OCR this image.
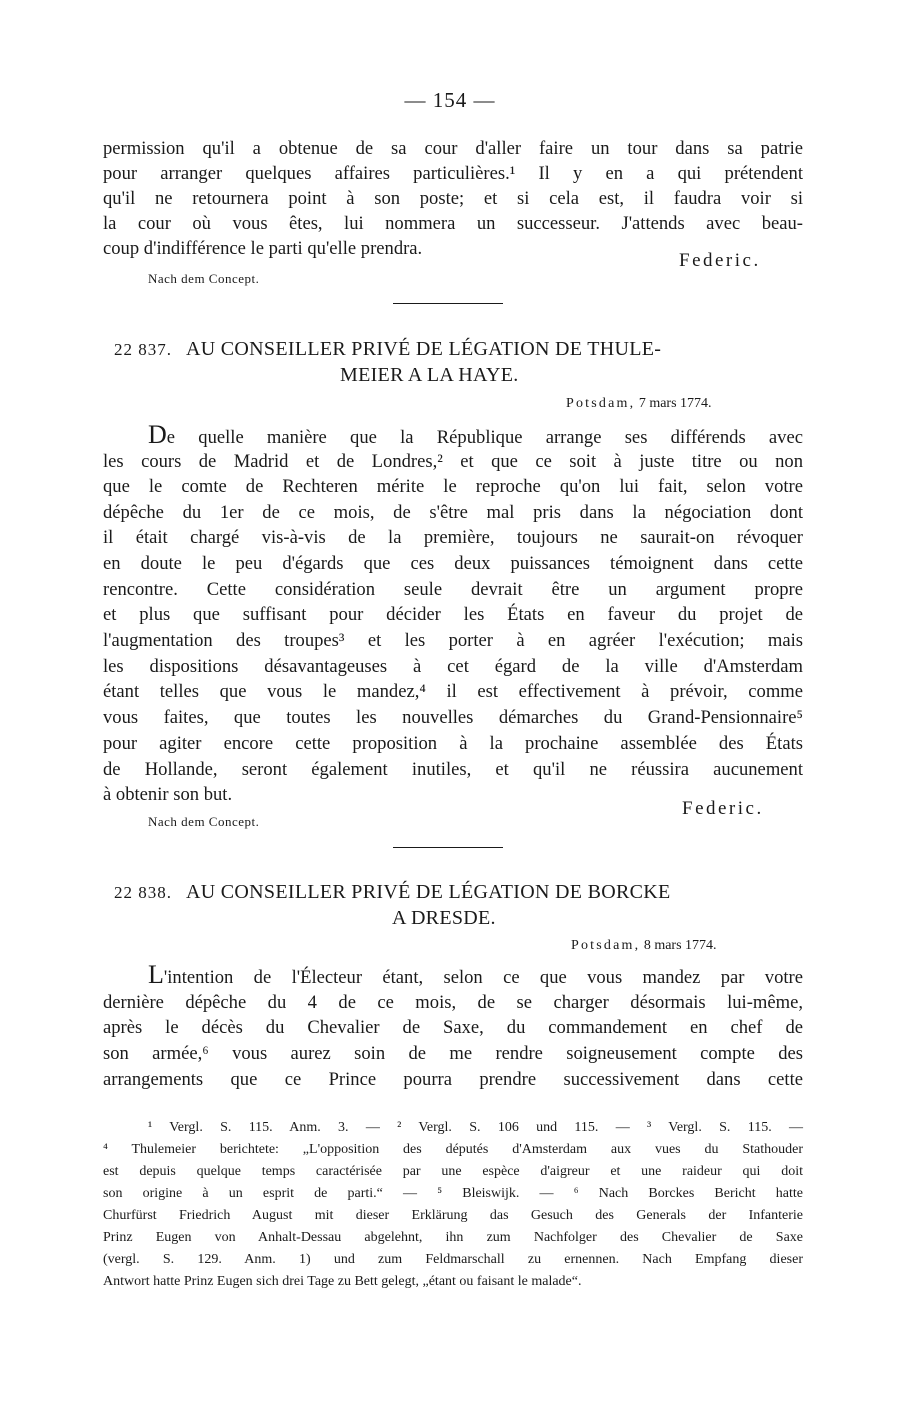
— 154 —
permission qu'il a obtenue de sa cour d'aller faire un tour dans sa patrie
pour arranger quelques affaires particulières.¹ Il y en a qui prétendent
qu'il ne retournera point à son poste; et si cela est, il faudra voir si
la cour où vous êtes, lui nommera un successeur. J'attends avec beau-
coup d'indifférence le parti qu'elle prendra.
Federic.
Nach dem Concept.
22 837. AU CONSEILLER PRIVÉ DE LÉGATION DE THULE-
MEIER A LA HAYE.
Potsdam, 7 mars 1774.
De quelle manière que la République arrange ses différends avec
les cours de Madrid et de Londres,² et que ce soit à juste titre ou non
que le comte de Rechteren mérite le reproche qu'on lui fait, selon votre
dépêche du 1er de ce mois, de s'être mal pris dans la négociation dont
il était chargé vis-à-vis de la première, toujours ne saurait-on révoquer
en doute le peu d'égards que ces deux puissances témoignent dans cette
rencontre. Cette considération seule devrait être un argument propre
et plus que suffisant pour décider les États en faveur du projet de
l'augmentation des troupes³ et les porter à en agréer l'exécution; mais
les dispositions désavantageuses à cet égard de la ville d'Amsterdam
étant telles que vous le mandez,⁴ il est effectivement à prévoir, comme
vous faites, que toutes les nouvelles démarches du Grand-Pensionnaire⁵
pour agiter encore cette proposition à la prochaine assemblée des États
de Hollande, seront également inutiles, et qu'il ne réussira aucunement
à obtenir son but.
Federic.
Nach dem Concept.
22 838. AU CONSEILLER PRIVÉ DE LÉGATION DE BORCKE
A DRESDE.
Potsdam, 8 mars 1774.
L'intention de l'Électeur étant, selon ce que vous mandez par votre
dernière dépêche du 4 de ce mois, de se charger désormais lui-même,
après le décès du Chevalier de Saxe, du commandement en chef de
son armée,⁶ vous aurez soin de me rendre soigneusement compte des
arrangements que ce Prince pourra prendre successivement dans cette
¹ Vergl. S. 115. Anm. 3. — ² Vergl. S. 106 und 115. — ³ Vergl. S. 115. —
⁴ Thulemeier berichtete: „L'opposition des députés d'Amsterdam aux vues du Stathouder
est depuis quelque temps caractérisée par une espèce d'aigreur et une raideur qui doit
son origine à un esprit de parti.“ — ⁵ Bleiswijk. — ⁶ Nach Borckes Bericht hatte
Churfürst Friedrich August mit dieser Erklärung das Gesuch des Generals der Infanterie
Prinz Eugen von Anhalt-Dessau abgelehnt, ihn zum Nachfolger des Chevalier de Saxe
(vergl. S. 129. Anm. 1) und zum Feldmarschall zu ernennen. Nach Empfang dieser
Antwort hatte Prinz Eugen sich drei Tage zu Bett gelegt, „étant ou faisant le malade“.
